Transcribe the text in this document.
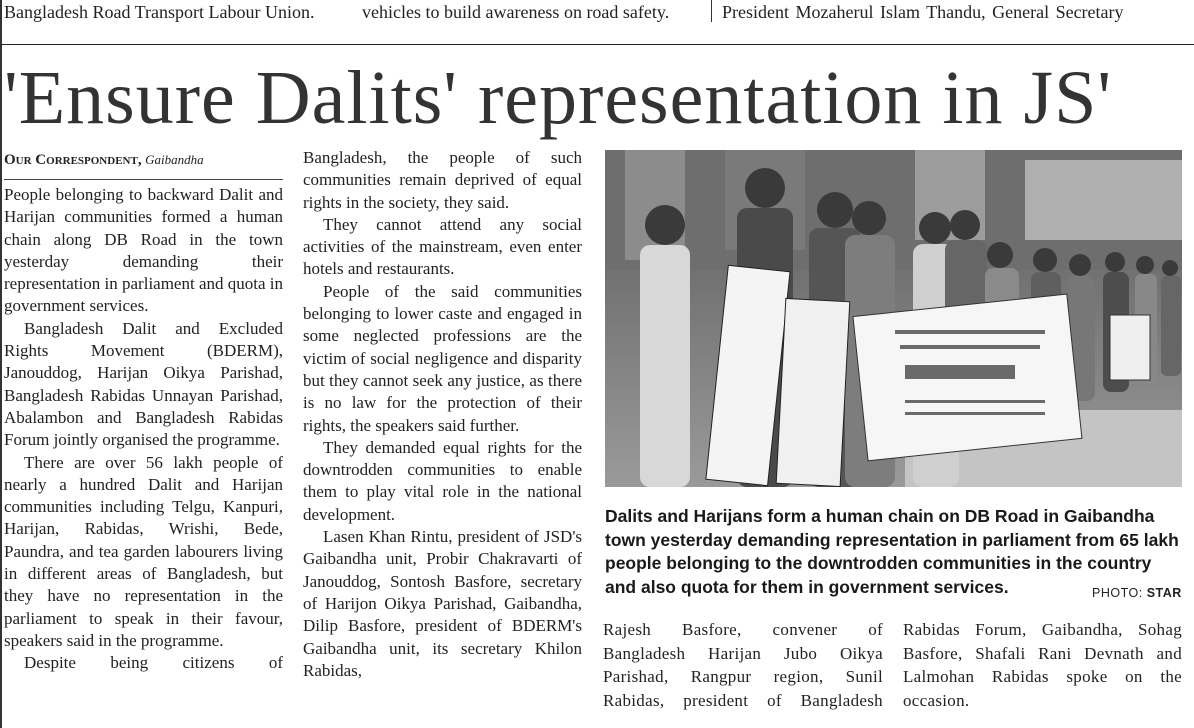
Bangladesh Road Transport Labour Union.	vehicles to build awareness on road safety.	President Mozaherul Islam Thandu, General Secretary
'Ensure Dalits' representation in JS'
Our Correspondent, Gaibandha

People belonging to backward Dalit and Harijan communities formed a human chain along DB Road in the town yesterday demanding their representation in parliament and quota in government services.

Bangladesh Dalit and Excluded Rights Movement (BDERM), Janouddog, Harijan Oikya Parishad, Bangladesh Rabidas Unnayan Parishad, Abalambon and Bangladesh Rabidas Forum jointly organised the programme.

There are over 56 lakh people of nearly a hundred Dalit and Harijan communities including Telgu, Kanpuri, Harijan, Rabidas, Wrishi, Bede, Paundra, and tea garden labourers living in different areas of Bangladesh, but they have no representation in the parliament to speak in their favour, speakers said in the programme.

Despite being citizens of

Bangladesh, the people of such communities remain deprived of equal rights in the society, they said.

They cannot attend any social activities of the mainstream, even enter hotels and restaurants.

People of the said communities belonging to lower caste and engaged in some neglected professions are the victim of social negligence and disparity but they cannot seek any justice, as there is no law for the protection of their rights, the speakers said further.

They demanded equal rights for the downtrodden communities to enable them to play vital role in the national development.

Lasen Khan Rintu, president of JSD's Gaibandha unit, Probir Chakravarti of Janouddog, Sontosh Basfore, secretary of Harijon Oikya Parishad, Gaibandha, Dilip Basfore, president of BDERM's Gaibandha unit, its secretary Khilon Rabidas,

Dalits and Harijans form a human chain on DB Road in Gaibandha town yesterday demanding representation in parliament from 65 lakh people belonging to the downtrodden communities in the country and also quota for them in government services.	PHOTO: STAR

Rajesh Basfore, convener of Bangladesh Harijan Jubo Oikya Parishad, Rangpur region, Sunil Rabidas, president of Bangladesh

Rabidas Forum, Gaibandha, Sohag Basfore, Shafali Rani Devnath and Lalmohan Rabidas spoke on the occasion.
